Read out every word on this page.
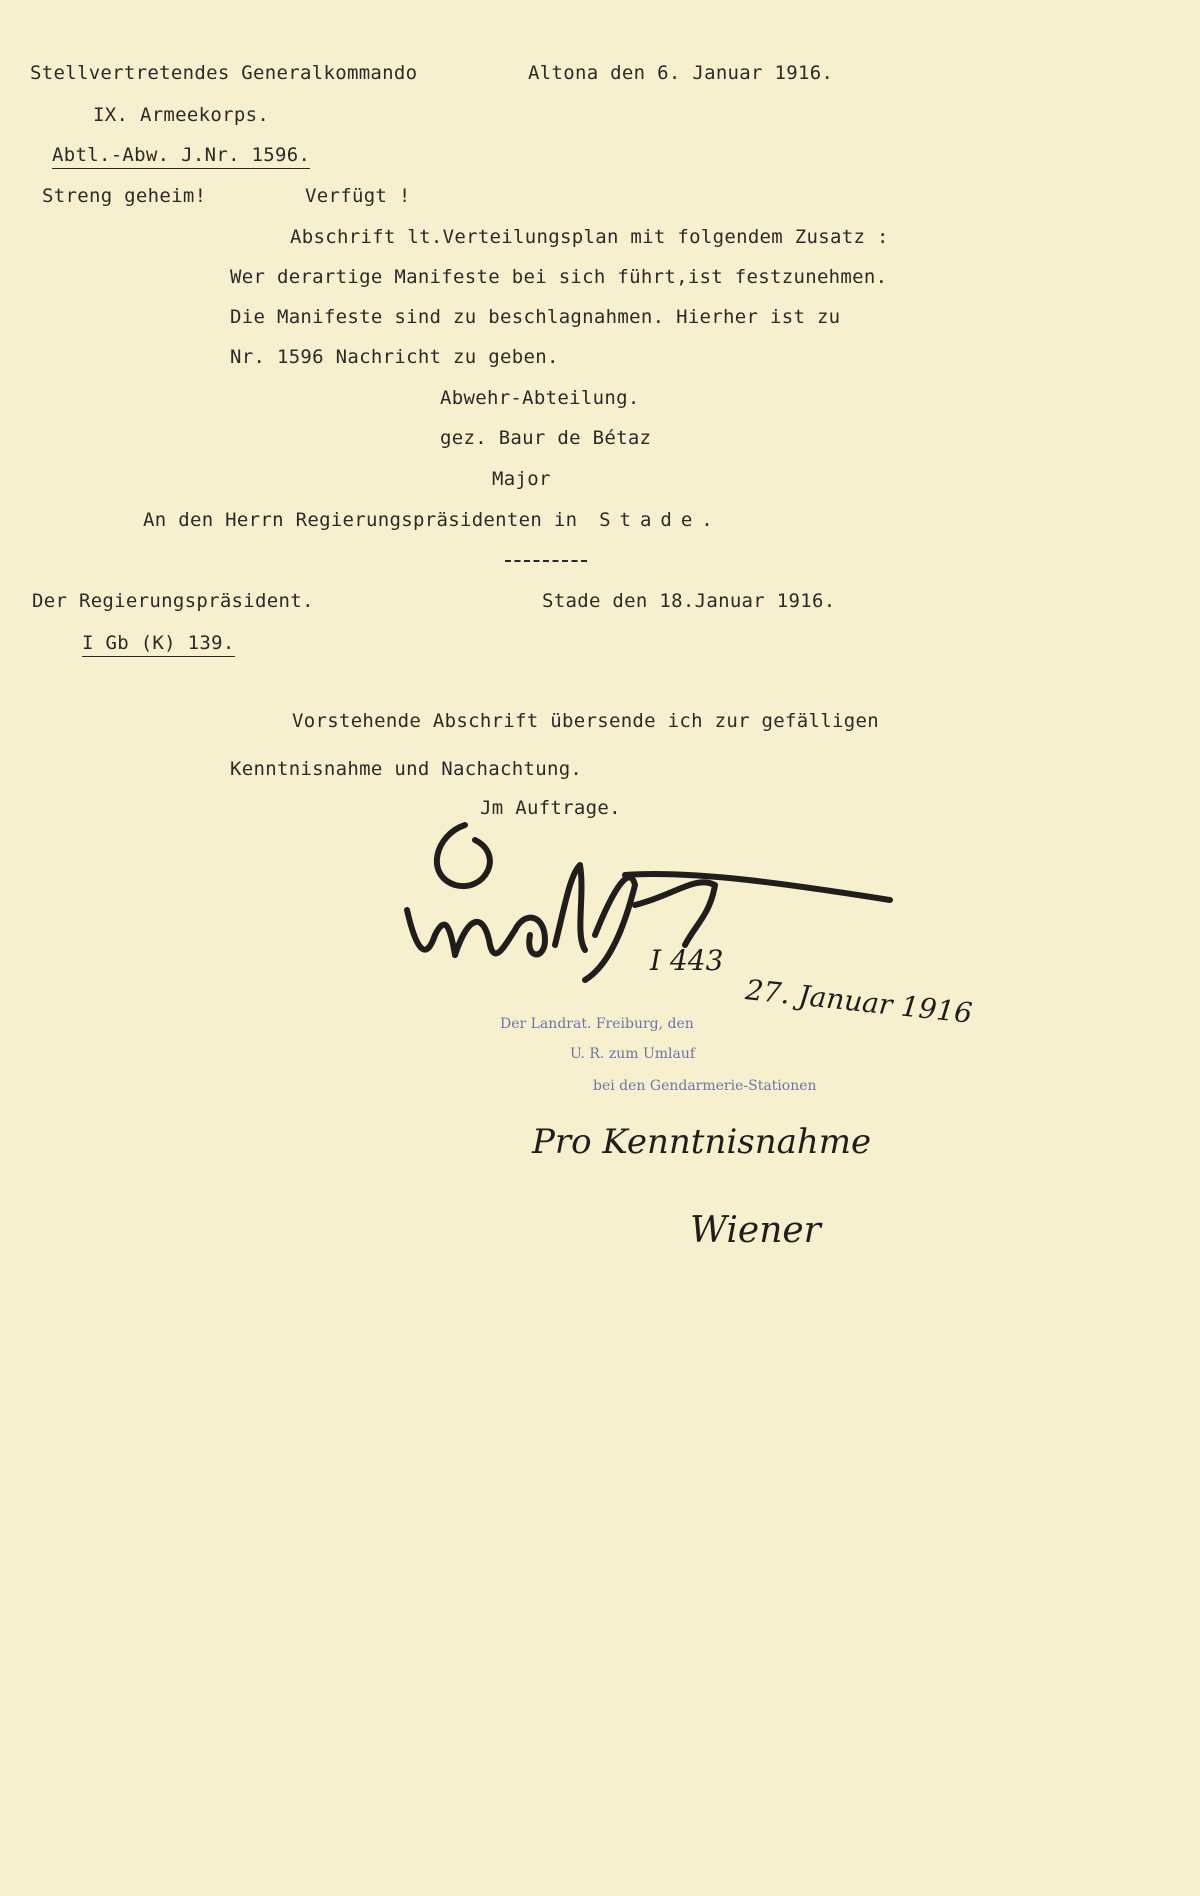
Stellvertretendes Generalkommando
IX. Armeekorps.
Abtl.-Abw. J.Nr. 1596.
Altona den 6. Januar 1916.
Streng geheim!	Verfügt !
Abschrift lt.Verteilungsplan mit folgendem Zusatz :
Wer derartige Manifeste bei sich führt,ist festzunehmen.
Die Manifeste sind zu beschlagnahmen. Hierher ist zu
Nr. 1596 Nachricht zu geben.
Abwehr-Abteilung.
gez. Baur de Bétaz
Major
An den Herrn Regierungspräsidenten in Stade.
Der Regierungspräsident.	Stade den 18.Januar 1916.
I Gb (K) 139.
Vorstehende Abschrift übersende ich zur gefälligen
Kenntnisnahme und Nachachtung.
Jm Auftrage.
I 443
27. Januar 1916
Der Landrat. Freiburg, den
U. R. zum Umlauf
bei den Gendarmerie-Stationen
Pro Kenntnisnahme
Wiener
